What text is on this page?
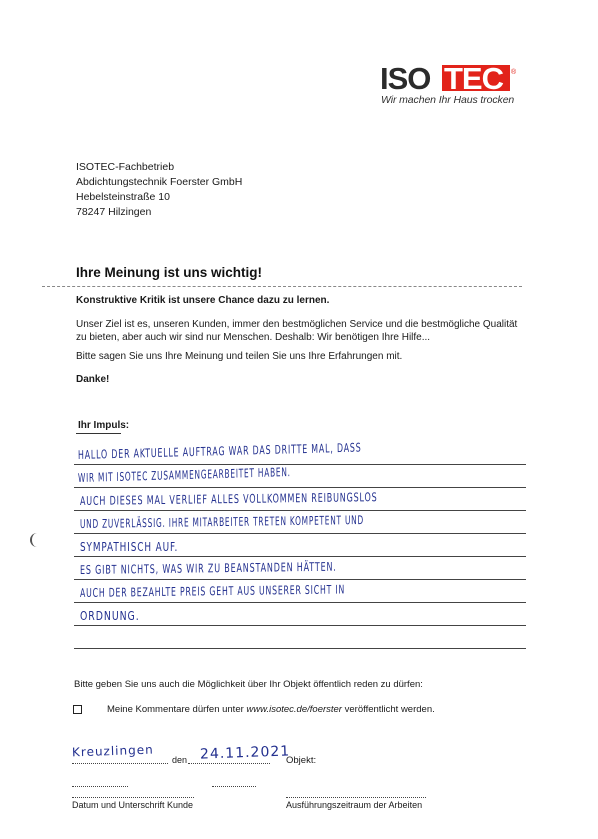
ISO TEC ®
Wir machen Ihr Haus trocken
ISOTEC-Fachbetrieb
Abdichtungstechnik Foerster GmbH
Hebelsteinstraße 10
78247 Hilzingen
Ihre Meinung ist uns wichtig!
Konstruktive Kritik ist unsere Chance dazu zu lernen.
Unser Ziel ist es, unseren Kunden, immer den bestmöglichen Service und die bestmögliche Qualität zu bieten, aber auch wir sind nur Menschen. Deshalb: Wir benötigen Ihre Hilfe...
Bitte sagen Sie uns Ihre Meinung und teilen Sie uns Ihre Erfahrungen mit.
Danke!
Ihr Impuls:
HALLO DER AKTUELLE AUFTRAG WAR DAS DRITTE MAL, DASS
WIR MIT ISOTEC ZUSAMMENGEARBEITET HABEN.
AUCH DIESES MAL VERLIEF ALLES VOLLKOMMEN REIBUNGSLOS
UND ZUVERLÄSSIG. IHRE MITARBEITER TRETEN KOMPETENT UND
SYMPATHISCH AUF.
ES GIBT NICHTS, WAS WIR ZU BEANSTANDEN HÄTTEN.
AUCH DER BEZAHLTE PREIS GEHT AUS UNSERER SICHT IN
ORDNUNG.
Bitte geben Sie uns auch die Möglichkeit über Ihr Objekt öffentlich reden zu dürfen:
Meine Kommentare dürfen unter www.isotec.de/foerster veröffentlicht werden.
Kreuzlingen
den 24.11.2021
Objekt:
Datum und Unterschrift Kunde	Ausführungszeitraum der Arbeiten
